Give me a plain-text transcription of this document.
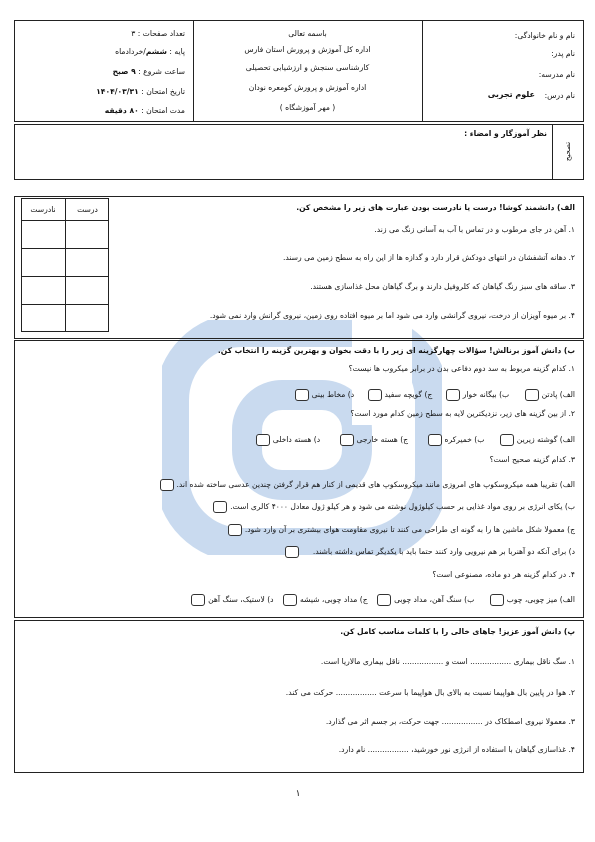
نام و نام خانوادگی:
نام پدر:
نام مدرسه:
نام درس:
علوم تجربی
باسمه تعالی
اداره کل آموزش و پرورش استان فارس
کارشناسی سنجش و ارزشیابی تحصیلی
اداره آموزش و پرورش کومعره نودان
( مهر آموزشگاه )
تعداد صفحات : ۳
پایه : ششم/خردادماه
ساعت شروع : ۹ صبح
تاریخ امتحان : ۱۴۰۴/۰۳/۳۱
مدت امتحان : ۸۰ دقیقه
تصحیح
نظر آموزگار و امضاء :
الف) دانشمند کوشا! درست یا نادرست بودن عبارت های زیر را مشخص کن.
درست
نادرست
۱. آهن در جای مرطوب و در تماس با آب به آسانی زنگ می زند.
۲. دهانه آتشفشان در انتهای دودکش قرار دارد و گدازه ها از این راه به سطح زمین می رسند.
۳. ساقه های سبز رنگ گیاهان که کلروفیل دارند و برگ گیاهان محل غذاسازی هستند.
۴. بر میوه آویزان از درخت، نیروی گرانشی وارد می شود اما بر میوه افتاده روی زمین، نیروی گرانش وارد نمی شود.
ب) دانش آموز برنالش! سؤالات چهارگزینه ای زیر را با دقت بخوان و بهترین گزینه را انتخاب کن.
۱. کدام گزینه مربوط به سد دوم دفاعی بدن در برابر میکروب ها نیست؟
الف) پادتن ب) بیگانه خوار ج) گویچه سفید د) مخاط بینی
۲. از بین گزینه های زیر، نزدیکترین لایه به سطح زمین کدام مورد است؟
الف) گوشته زیرین ب) خمیرکره ج) هسته خارجی د) هسته داخلی
۳. کدام گزینه صحیح است؟
الف) تقریبا همه میکروسکوپ های امروزی مانند میکروسکوپ های قدیمی از کنار هم قرار گرفتن چندین عدسی ساخته شده اند.
ب) یکای انرژی بر روی مواد غذایی بر حسب کیلوژول نوشته می شود و هر کیلو ژول معادل ۴۰۰۰ کالری است.
ج) معمولا شکل ماشین ها را به گونه ای طراحی می کنند تا نیروی مقاومت هوای بیشتری بر آن وارد شود.
د) برای آنکه دو آهنربا بر هم نیرویی وارد کنند حتما باید با یکدیگر تماس داشته باشند.
۴. در کدام گزینه هر دو ماده، مصنوعی است؟
الف) میز چوبی، چوب ب) سنگ آهن، مداد چوبی ج) مداد چوبی، شیشه د) لاستیک، سنگ آهن
پ) دانش آموز عزیز! جاهای خالی را با کلمات مناسب کامل کن.
۱. سگ ناقل بیماری ................. است و ................. ناقل بیماری مالاریا است.
۲. هوا در پایین بال هواپیما نسبت به بالای بال هواپیما با سرعت ................. حرکت می کند.
۳. معمولا نیروی اصطکاک در ................. جهت حرکت، بر جسم اثر می گذارد.
۴. غذاسازی گیاهان با استفاده از انرژی نور خورشید، ................. نام دارد.
۱
